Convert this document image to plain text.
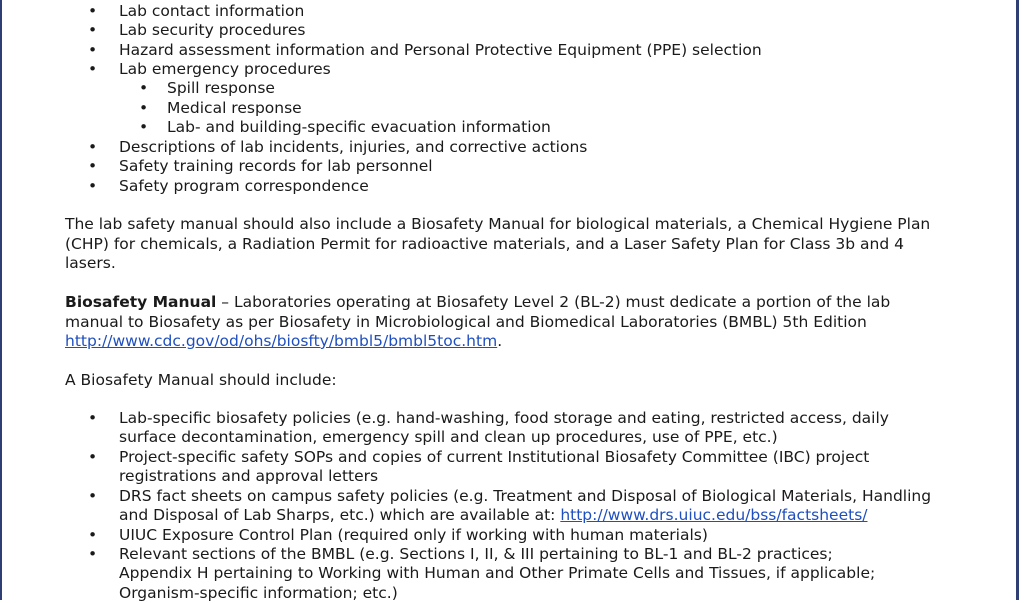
• Lab contact information
• Lab security procedures
• Hazard assessment information and Personal Protective Equipment (PPE) selection
• Lab emergency procedures
• Spill response
• Medical response
• Lab- and building-specific evacuation information
• Descriptions of lab incidents, injuries, and corrective actions
• Safety training records for lab personnel
• Safety program correspondence

The lab safety manual should also include a Biosafety Manual for biological materials, a Chemical Hygiene Plan

(CHP) for chemicals, a Radiation Permit for radioactive materials, and a Laser Safety Plan for Class 3b and 4

lasers.

Biosafety Manual – Laboratories operating at Biosafety Level 2 (BL-2) must dedicate a portion of the lab

manual to Biosafety as per Biosafety in Microbiological and Biomedical Laboratories (BMBL) 5th Edition

http://www.cdc.gov/od/ohs/biosfty/bmbl5/bmbl5toc.htm.

A Biosafety Manual should include:

• Lab-specific biosafety policies (e.g. hand-washing, food storage and eating, restricted access, daily
surface decontamination, emergency spill and clean up procedures, use of PPE, etc.)
• Project-specific safety SOPs and copies of current Institutional Biosafety Committee (IBC) project
registrations and approval letters
• DRS fact sheets on campus safety policies (e.g. Treatment and Disposal of Biological Materials, Handling
and Disposal of Lab Sharps, etc.) which are available at: http://www.drs.uiuc.edu/bss/factsheets/
• UIUC Exposure Control Plan (required only if working with human materials)
• Relevant sections of the BMBL (e.g. Sections I, II, & III pertaining to BL-1 and BL-2 practices;
Appendix H pertaining to Working with Human and Other Primate Cells and Tissues, if applicable;
Organism-specific information; etc.)
